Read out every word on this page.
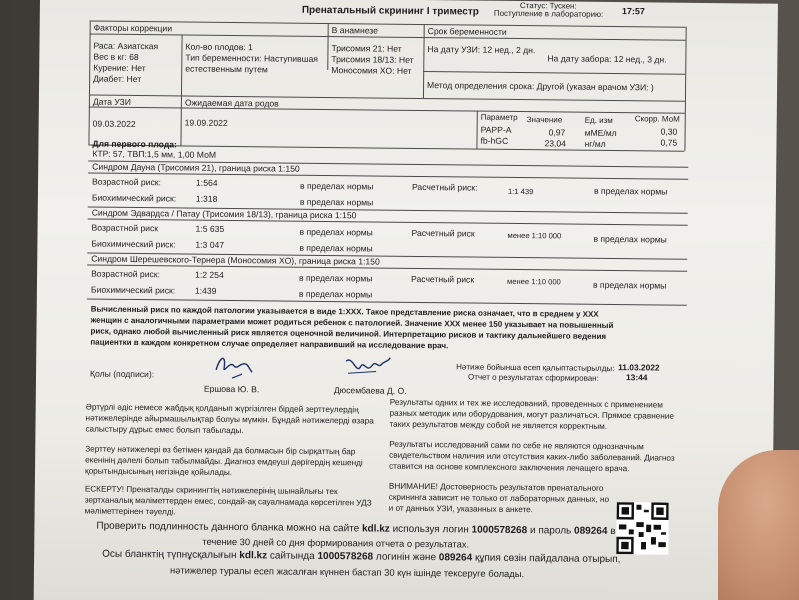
Статус: Тускен:
Поступление в лабораторию: 17:57
Пренатальный скрининг I триместр
Факторы коррекции	В анамнезе	Срок беременности
Раса: Азиатская
Вес в кг: 68
Курение: Нет
Диабет: Нет
Кол-во плодов: 1
Тип беременности: Наступившая
естественным путем
Трисомия 21: Нет
Трисомия 18/13: Нет
Моносомия XO: Нет
На дату УЗИ: 12 нед., 2 дн.
На дату забора: 12 нед., 3 дн.
Метод определения срока: Другой (указан врачом УЗИ: )
Дата УЗИ	Ожидаемая дата родов
09.03.2022	19.09.2022
Параметр Значение	Ед. изм	Скорр. МоМ
PAPP-A	0,97 мМЕ/мл	0,30
fb-hGC	23,04 нг/мл	0,75
Для первого плода:
КТР: 57, ТВП:1,5 мм, 1,00 МоМ
Синдром Дауна (Трисомия 21), граница риска 1:150
Возрастной риск:	1:564	в пределах нормы	Расчетный риск:	1:1 439	в пределах нормы
Биохимический риск: 1:318	в пределах нормы
Синдром Эдвардса / Патау (Трисомия 18/13), граница риска 1:150
Возрастной риск	1:5 635	в пределах нормы	Расчетный риск	менее 1:10 000	в пределах нормы
Биохимический риск: 1:3 047	в пределах нормы
Синдром Шерешевского-Тернера (Моносомия XO), граница риска 1:150
Возрастной риск:	1:2 254	в пределах нормы	Расчетный риск	менее 1:10 000	в пределах нормы
Биохимический риск: 1:439	в пределах нормы
Вычисленный риск по каждой патологии указывается в виде 1:XXX. Такое представление риска означает, что в среднем у XXX
женщин с аналогичными параметрами может родиться ребенок с патологией. Значение XXX менее 150 указывает на повышенный
риск, однако любой вычисленный риск является оценочной величиной. Интерпретацию рисков и тактику дальнейшего ведения
пациентки в каждом конкретном случае определяет направивший на исследование врач.
Қолы (подписи):
Ершова Ю. В.	Дюсембаева Д. О.
Нәтиже бойынша есеп қалыптастырылды: 11.03.2022
Отчет о результатах сформирован:	13:44
Әртүрлі әдіс немесе жабдық қолданып жүргізілген бірдей зерттеулердің нәтижелерінде айырмашылықтар болуы мүмкін. Бұндай нәтижелерді өзара салыстыру дұрыс емес болып табылады.
Зерттеу нәтижелері өз бетімен қандай да болмасын бір сырқаттың бар екенінің дәлелі болып табылмайды. Диагноз емдеуші дәрігердің кешенді қорытындысының негізінде қойылады.
ЕСКЕРТУ! Пренаталды скринингтің нәтижелерінің шынайлығы тек зертханалық мәліметтерден емес, сондай-ақ сауалнамада көрсетілген УДЗ мәліметтерінен тәуелді.
Результаты одних и тех же исследований, проведенных с применением разных методик или оборудования, могут различаться. Прямое сравнение таких результатов между собой не является корректным.
Результаты исследований сами по себе не являются однозначным свидетельством наличия или отсутствия каких-либо заболеваний. Диагноз ставится на основе комплексного заключения лечащего врача.
ВНИМАНИЕ! Достоверность результатов пренатального скрининга зависит не только от лабораторных данных, но и от данных УЗИ, указанных в анкете.
Проверить подлинность данного бланка можно на сайте kdl.kz используя логин 1000578268 и пароль 089264 в
течение 30 дней со дня формирования отчета о результатах.
Осы бланктің түпнұсқалығын kdl.kz сайтында 1000578268 логинін және 089264 құпия сөзін пайдалана отырып,
нәтижелер туралы есеп жасалған күннен бастап 30 күн ішінде тексеруге болады.
